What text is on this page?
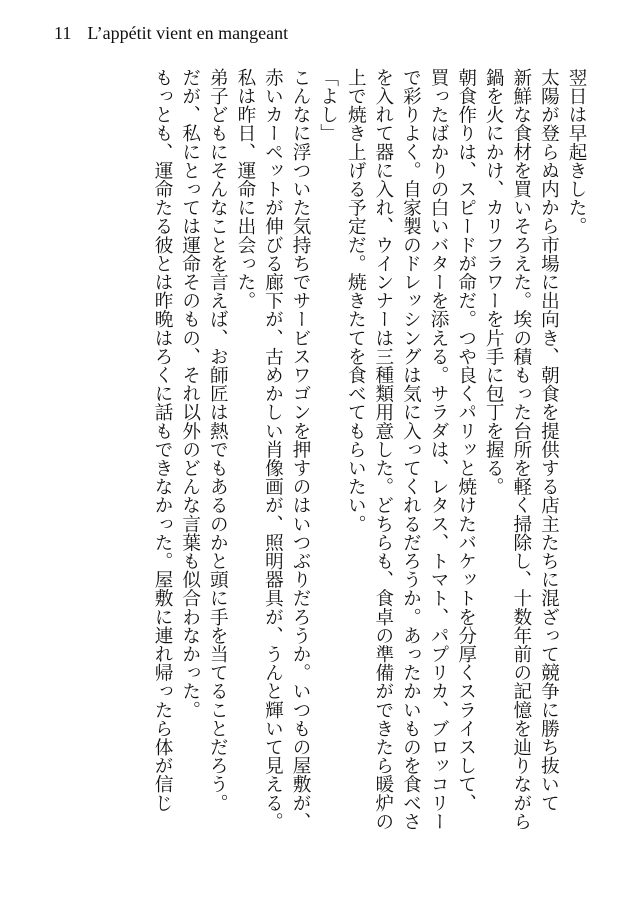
11 L’appétit vient en mangeant

翌日は早起きした。

太陽が登らぬ内から市場に出向き、朝食を提供する店主たちに混ざって競争に勝ち抜いて

新鮮な食材を買いそろえた。埃の積もった台所を軽く掃除し、十数年前の記憶を辿りながら

鍋を火にかけ、カリフラワーを片手に包丁を握る。

朝食作りは、スピードが命だ。つや良くパリッと焼けたバケットを分厚くスライスして、

買ったばかりの白いバターを添える。サラダは、レタス、トマト、パプリカ、ブロッコリー

で彩りよく。自家製のドレッシングは気に入ってくれるだろうか。あったかいものを食べさ

を入れて器に入れ、ウインナーは三種類用意した。どちらも、食卓の準備ができたら暖炉の

上で焼き上げる予定だ。焼きたてを食べてもらいたい。

「よし」

こんなに浮ついた気持ちでサービスワゴンを押すのはいつぶりだろうか。いつもの屋敷が、

赤いカーペットが伸びる廊下が、古めかしい肖像画が、照明器具が、うんと輝いて見える。

私は昨日、運命に出会った。

弟子どもにそんなことを言えば、お師匠は熱でもあるのかと頭に手を当てることだろう。

だが、私にとっては運命そのもの、それ以外のどんな言葉も似合わなかった。

もっとも、運命たる彼とは昨晩はろくに話もできなかった。屋敷に連れ帰ったら体が信じ
